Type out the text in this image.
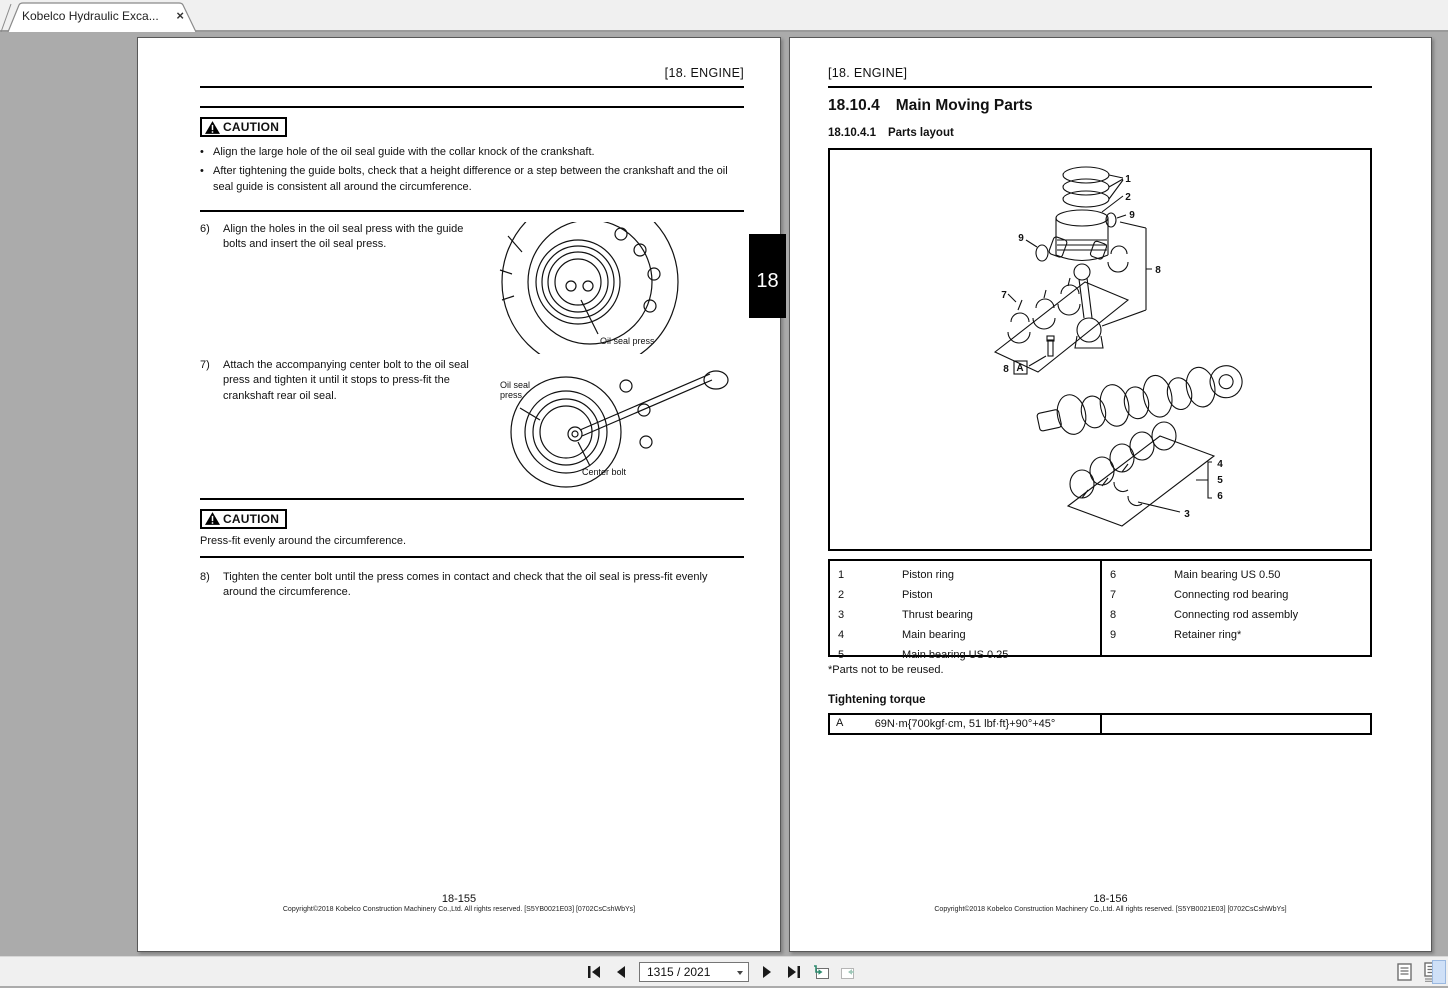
Kobelco Hydraulic Exca... ×
18
[18. ENGINE]
CAUTION
• Align the large hole of the oil seal guide with the collar knock of the crankshaft.
• After tightening the guide bolts, check that a height difference or a step between the crankshaft and the oil seal guide is consistent all around the circumference.
6)	Align the holes in the oil seal press with the guide bolts and insert the oil seal press.
Oil seal press
7)	Attach the accompanying center bolt to the oil seal press and tighten it until it stops to press-fit the crankshaft rear oil seal.
Oil seal
press
Center bolt
CAUTION
Press-fit evenly around the circumference.
8)	Tighten the center bolt until the press comes in contact and check that the oil seal is press-fit evenly around the circumference.
18-155
Copyright©2018 Kobelco Construction Machinery Co.,Ltd. All rights reserved. [S5YB0021E03] [0702CsCshWbYs]
[18. ENGINE]
18.10.4 Main Moving Parts
18.10.4.1 Parts layout
1
2
9
9
8
7
8 A
4
5
6
3
1	Piston ring
2	Piston
3	Thrust bearing
4	Main bearing
5	Main bearing US 0.25
6	Main bearing US 0.50
7	Connecting rod bearing
8	Connecting rod assembly
9	Retainer ring*
*Parts not to be reused.
Tightening torque
A	69N·m{700kgf·cm, 51 lbf·ft}+90°+45°
18-156
Copyright©2018 Kobelco Construction Machinery Co.,Ltd. All rights reserved. [S5YB0021E03] [0702CsCshWbYs]
1315 / 2021
